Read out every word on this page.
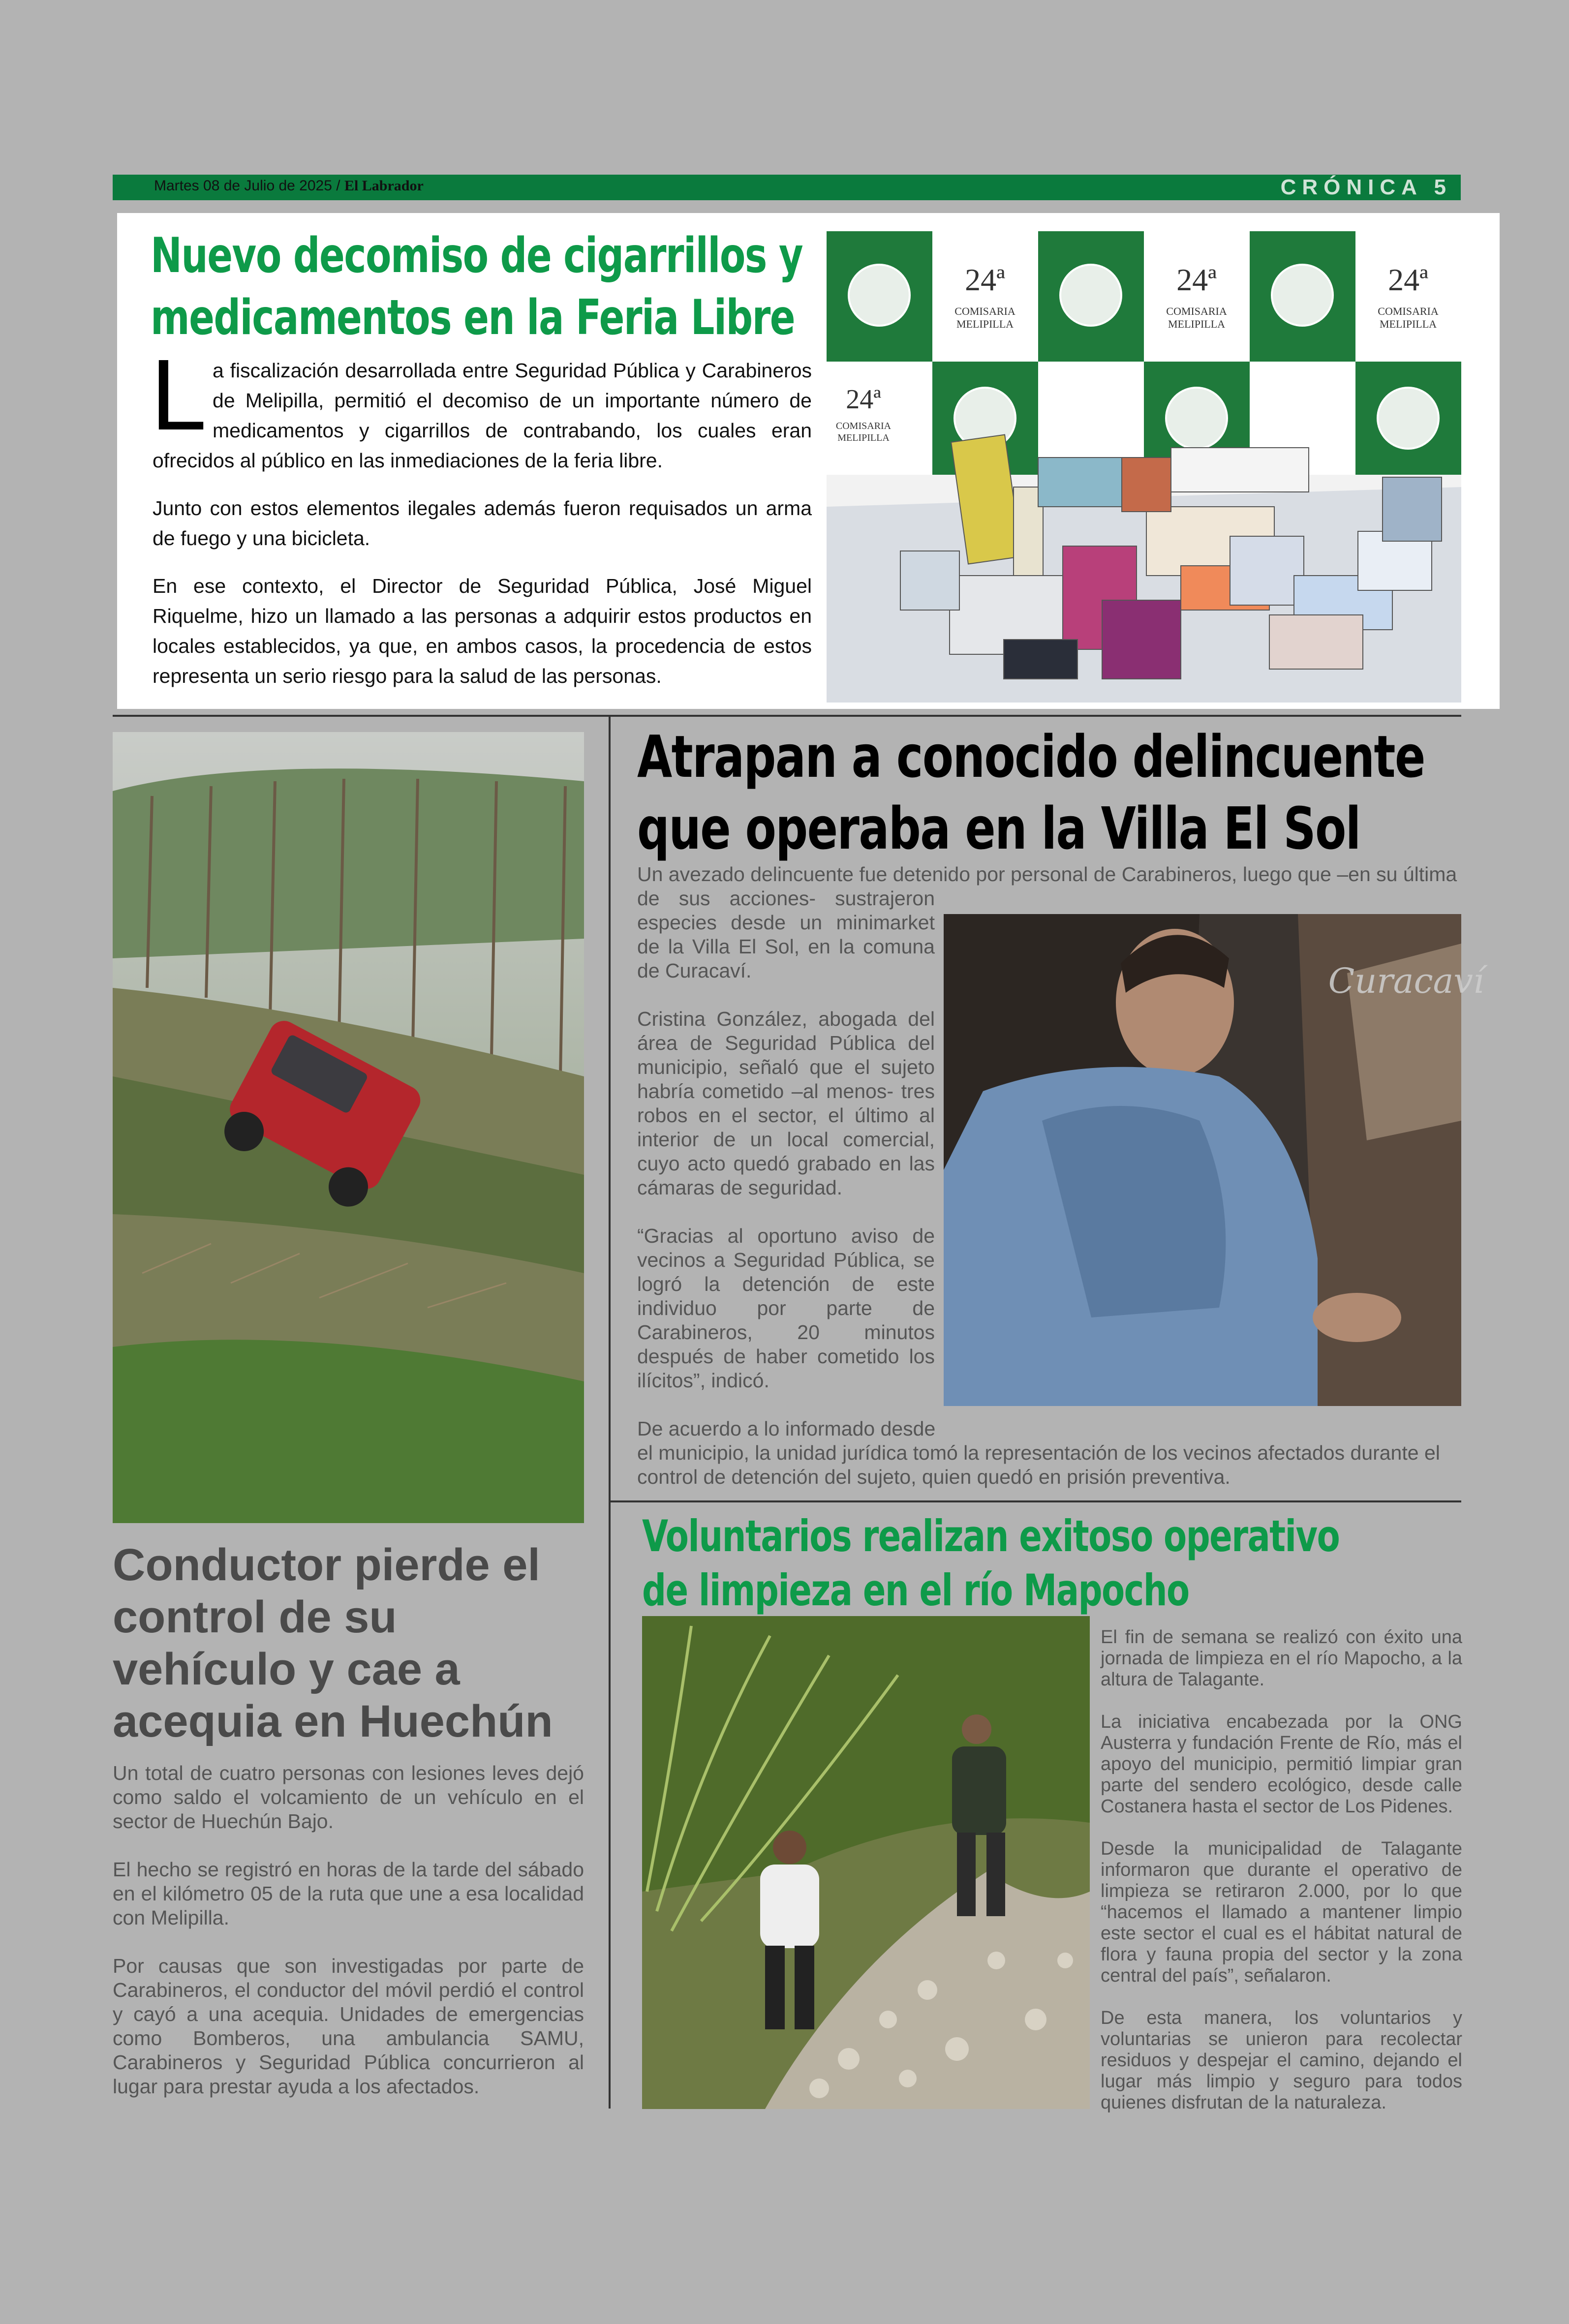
Martes 08 de Julio de 2025 / El Labrador	CRÓNICA 5
Nuevo decomiso de cigarrillos y
medicamentos en la Feria Libre

La fiscalización desarrollada entre Seguridad Pública y Carabineros de Melipilla, permitió el decomiso de un importante número de medicamentos y cigarrillos de contrabando, los cuales eran ofrecidos al público en las inmediaciones de la feria libre.

Junto con estos elementos ilegales además fueron requisados un arma de fuego y una bicicleta.

En ese contexto, el Director de Seguridad Pública, José Miguel Riquelme, hizo un llamado a las personas a adquirir estos productos en locales establecidos, ya que, en ambos casos, la procedencia de estos representa un serio riesgo para la salud de las personas.

24ª
COMISARIA
MELIPILLA
24ª
COMISARIA
MELIPILLA
24ª
COMISARIA
MELIPILLA
24ª
COMISARIA
MELIPILLA
Conductor pierde el
control de su
vehículo y cae a
acequia en Huechún

Un total de cuatro personas con lesiones leves dejó como saldo el volcamiento de un vehículo en el sector de Huechún Bajo.

El hecho se registró en horas de la tarde del sábado en el kilómetro 05 de la ruta que une a esa localidad con Melipilla.

Por causas que son investigadas por parte de Carabineros, el conductor del móvil perdió el control y cayó a una acequia. Unidades de emergencias como Bomberos, una ambulancia SAMU, Carabineros y Seguridad Pública concurrieron al lugar para prestar ayuda a los afectados.

Atrapan a conocido delincuente
que operaba en la Villa El Sol
Un avezado delincuente fue detenido por personal de Carabineros, luego que –en su última

de sus acciones- sustrajeron especies desde un minimarket de la Villa El Sol, en la comuna de Curacaví.

Cristina González, abogada del área de Seguridad Pública del municipio, señaló que el sujeto habría cometido –al menos- tres robos en el sector, el último al interior de un local comercial, cuyo acto quedó grabado en las cámaras de seguridad.

“Gracias al oportuno aviso de vecinos a Seguridad Pública, se logró la detención de este individuo por parte de Carabineros, 20 minutos después de haber cometido los ilícitos”, indicó.

Curacaví
De acuerdo a lo informado desde
el municipio, la unidad jurídica tomó la representación de los vecinos afectados durante el control de detención del sujeto, quien quedó en prisión preventiva.
Voluntarios realizan exitoso operativo
de limpieza en el río Mapocho

El fin de semana se realizó con éxito una jornada de limpieza en el río Mapocho, a la altura de Talagante.

La iniciativa encabezada por la ONG Austerra y fundación Frente de Río, más el apoyo del municipio, permitió limpiar gran parte del sendero ecológico, desde calle Costanera hasta el sector de Los Pidenes.

Desde la municipalidad de Talagante informaron que durante el operativo de limpieza se retiraron 2.000, por lo que “hacemos el llamado a mantener limpio este sector el cual es el hábitat natural de flora y fauna propia del sector y la zona central del país”, señalaron.

De esta manera, los voluntarios y voluntarias se unieron para recolectar residuos y despejar el camino, dejando el lugar más limpio y seguro para todos quienes disfrutan de la naturaleza.
